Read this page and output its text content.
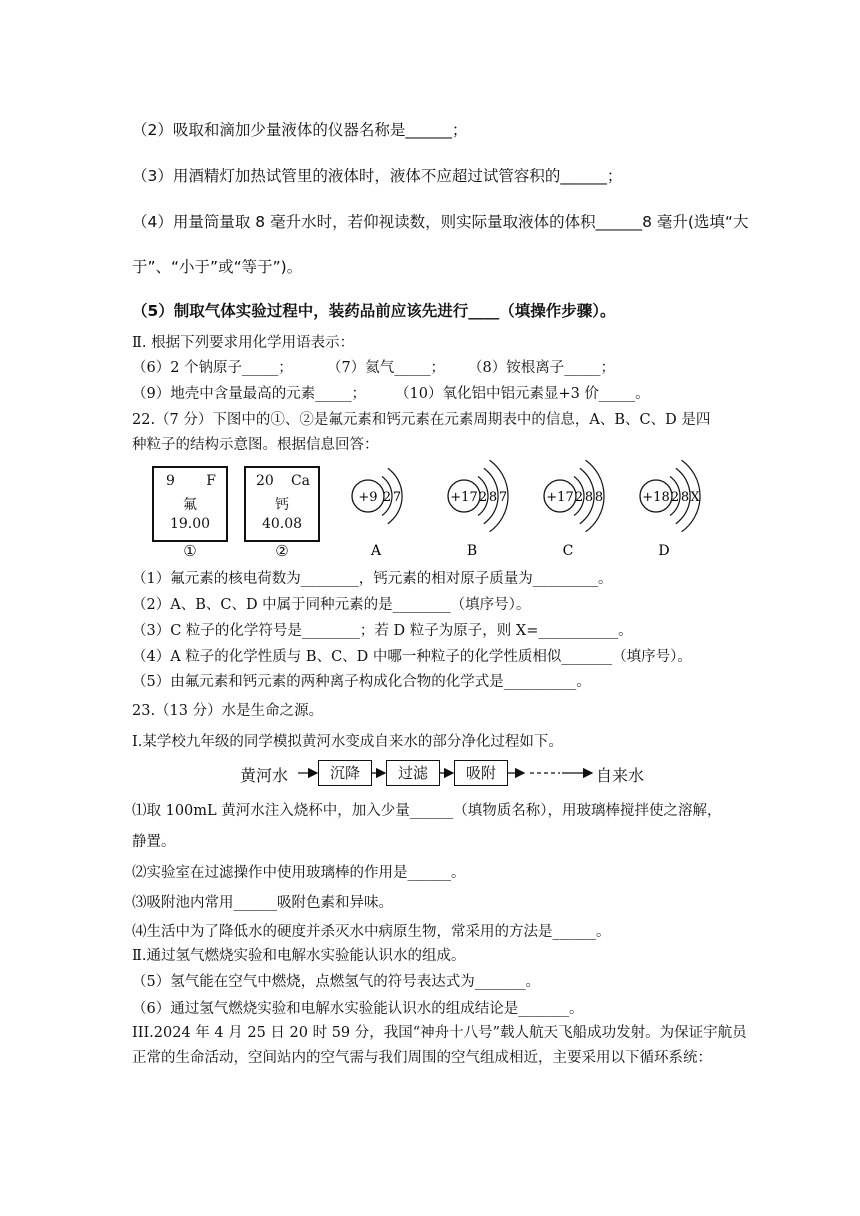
（2）吸取和滴加少量液体的仪器名称是______；
（3）用酒精灯加热试管里的液体时，液体不应超过试管容积的______；
（4）用量筒量取 8 毫升水时，若仰视读数，则实际量取液体的体积______8 毫升(选填“大
于”、“小于”或“等于”)。
（5）制取气体实验过程中，装药品前应该先进行____（填操作步骤）。
Ⅱ. 根据下列要求用化学用语表示：
（6）2 个钠原子_____； （7）氦气_____； （8）铵根离子_____；
（9）地壳中含量最高的元素_____； （10）氧化铝中铝元素显+3 价_____。
22.（7 分）下图中的①、②是氟元素和钙元素在元素周期表中的信息，A、B、C、D 是四
种粒子的结构示意图。根据信息回答：
9 F
氟
19.00
①
20 Ca
钙
40.08
②
+9 2 7
A
+17 2 8 7
B
+17 2 8 8
C
+18 2 8 X
D
（1）氟元素的核电荷数为________，钙元素的相对原子质量为_________。
（2）A、B、C、D 中属于同种元素的是________（填序号）。
（3）C 粒子的化学符号是________；若 D 粒子为原子，则 X=___________。
（4）A 粒子的化学性质与 B、C、D 中哪一种粒子的化学性质相似_______（填序号）。
（5）由氟元素和钙元素的两种离子构成化合物的化学式是__________。
23.（13 分）水是生命之源。
I.某学校九年级的同学模拟黄河水变成自来水的部分净化过程如下。
黄河水	沉降	过滤	吸附	自来水
⑴取 100mL 黄河水注入烧杯中，加入少量______（填物质名称），用玻璃棒搅拌使之溶解，
静置。
⑵实验室在过滤操作中使用玻璃棒的作用是______。
⑶吸附池内常用______吸附色素和异味。
⑷生活中为了降低水的硬度并杀灭水中病原生物，常采用的方法是______。
Ⅱ.通过氢气燃烧实验和电解水实验能认识水的组成。
（5）氢气能在空气中燃烧，点燃氢气的符号表达式为_______。
（6）通过氢气燃烧实验和电解水实验能认识水的组成结论是_______。
III.2024 年 4 月 25 日 20 时 59 分，我国“神舟十八号”载人航天飞船成功发射。为保证宇航员
正常的生命活动，空间站内的空气需与我们周围的空气组成相近，主要采用以下循环系统：
